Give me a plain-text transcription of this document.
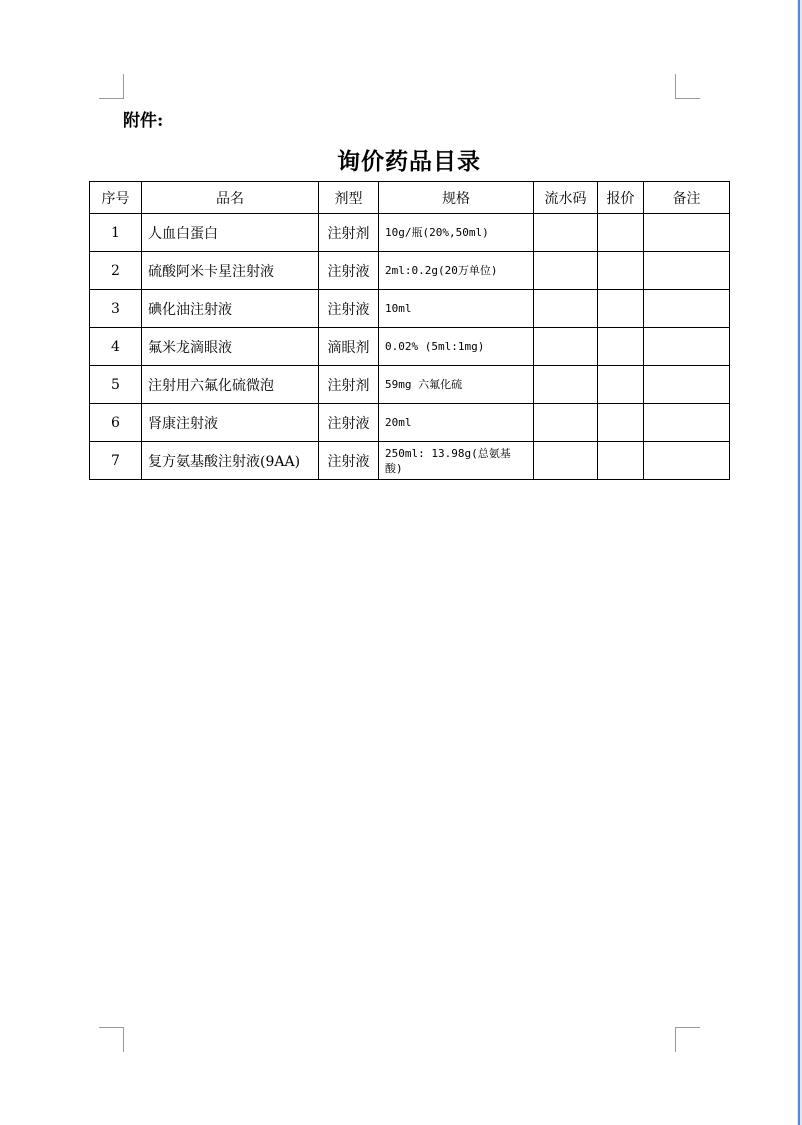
附件:
询价药品目录
序号	品名	剂型	规格	流水码	报价	备注
1	人血白蛋白	注射剂	10g/瓶(20%,50ml)			
2	硫酸阿米卡星注射液	注射液	2ml:0.2g(20万单位)			
3	碘化油注射液	注射液	10ml			
4	氟米龙滴眼液	滴眼剂	0.02% (5ml:1mg)			
5	注射用六氟化硫微泡	注射剂	59mg 六氟化硫			
6	肾康注射液	注射液	20ml			
7	复方氨基酸注射液(9AA)	注射液	250ml: 13.98g(总氨基酸)			
